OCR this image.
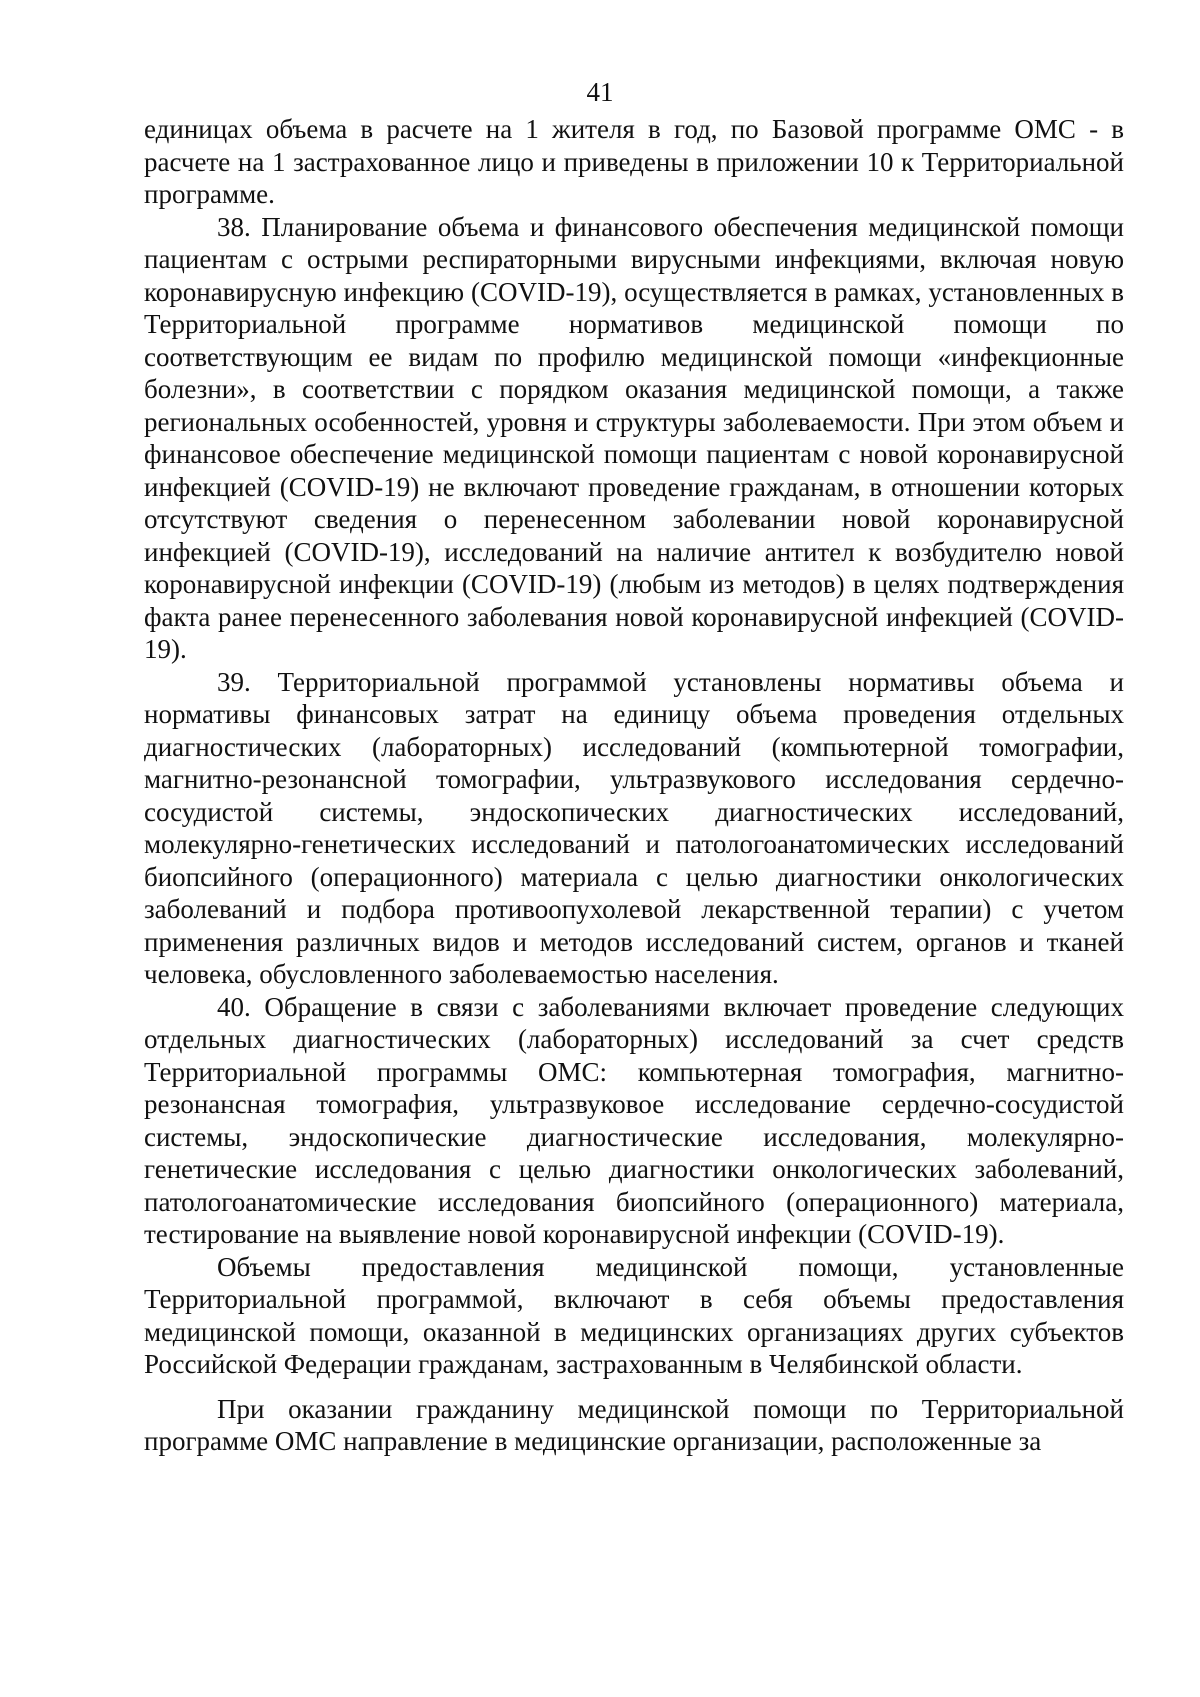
41

единицах объема в расчете на 1 жителя в год, по Базовой программе ОМС - в расчете на 1 застрахованное лицо и приведены в приложении 10 к Территориальной программе.

38. Планирование объема и финансового обеспечения медицинской помощи пациентам с острыми респираторными вирусными инфекциями, включая новую коронавирусную инфекцию (COVID-19), осуществляется в рамках, установленных в Территориальной программе нормативов медицинской помощи по соответствующим ее видам по профилю медицинской помощи «инфекционные болезни», в соответствии с порядком оказания медицинской помощи, а также региональных особенностей, уровня и структуры заболеваемости. При этом объем и финансовое обеспечение медицинской помощи пациентам с новой коронавирусной инфекцией (COVID-19) не включают проведение гражданам, в отношении которых отсутствуют сведения о перенесенном заболевании новой коронавирусной инфекцией (COVID-19), исследований на наличие антител к возбудителю новой коронавирусной инфекции (COVID-19) (любым из методов) в целях подтверждения факта ранее перенесенного заболевания новой коронавирусной инфекцией (COVID-19).

39. Территориальной программой установлены нормативы объема и нормативы финансовых затрат на единицу объема проведения отдельных диагностических (лабораторных) исследований (компьютерной томографии, магнитно-резонансной томографии, ультразвукового исследования сердечно-сосудистой системы, эндоскопических диагностических исследований, молекулярно-генетических исследований и патологоанатомических исследований биопсийного (операционного) материала с целью диагностики онкологических заболеваний и подбора противоопухолевой лекарственной терапии) с учетом применения различных видов и методов исследований систем, органов и тканей человека, обусловленного заболеваемостью населения.

40. Обращение в связи с заболеваниями включает проведение следующих отдельных диагностических (лабораторных) исследований за счет средств Территориальной программы ОМС: компьютерная томография, магнитно-резонансная томография, ультразвуковое исследование сердечно-сосудистой системы, эндоскопические диагностические исследования, молекулярно-генетические исследования с целью диагностики онкологических заболеваний, патологоанатомические исследования биопсийного (операционного) материала, тестирование на выявление новой коронавирусной инфекции (COVID-19).

Объемы предоставления медицинской помощи, установленные Территориальной программой, включают в себя объемы предоставления медицинской помощи, оказанной в медицинских организациях других субъектов Российской Федерации гражданам, застрахованным в Челябинской области.

При оказании гражданину медицинской помощи по Территориальной программе ОМС направление в медицинские организации, расположенные за
